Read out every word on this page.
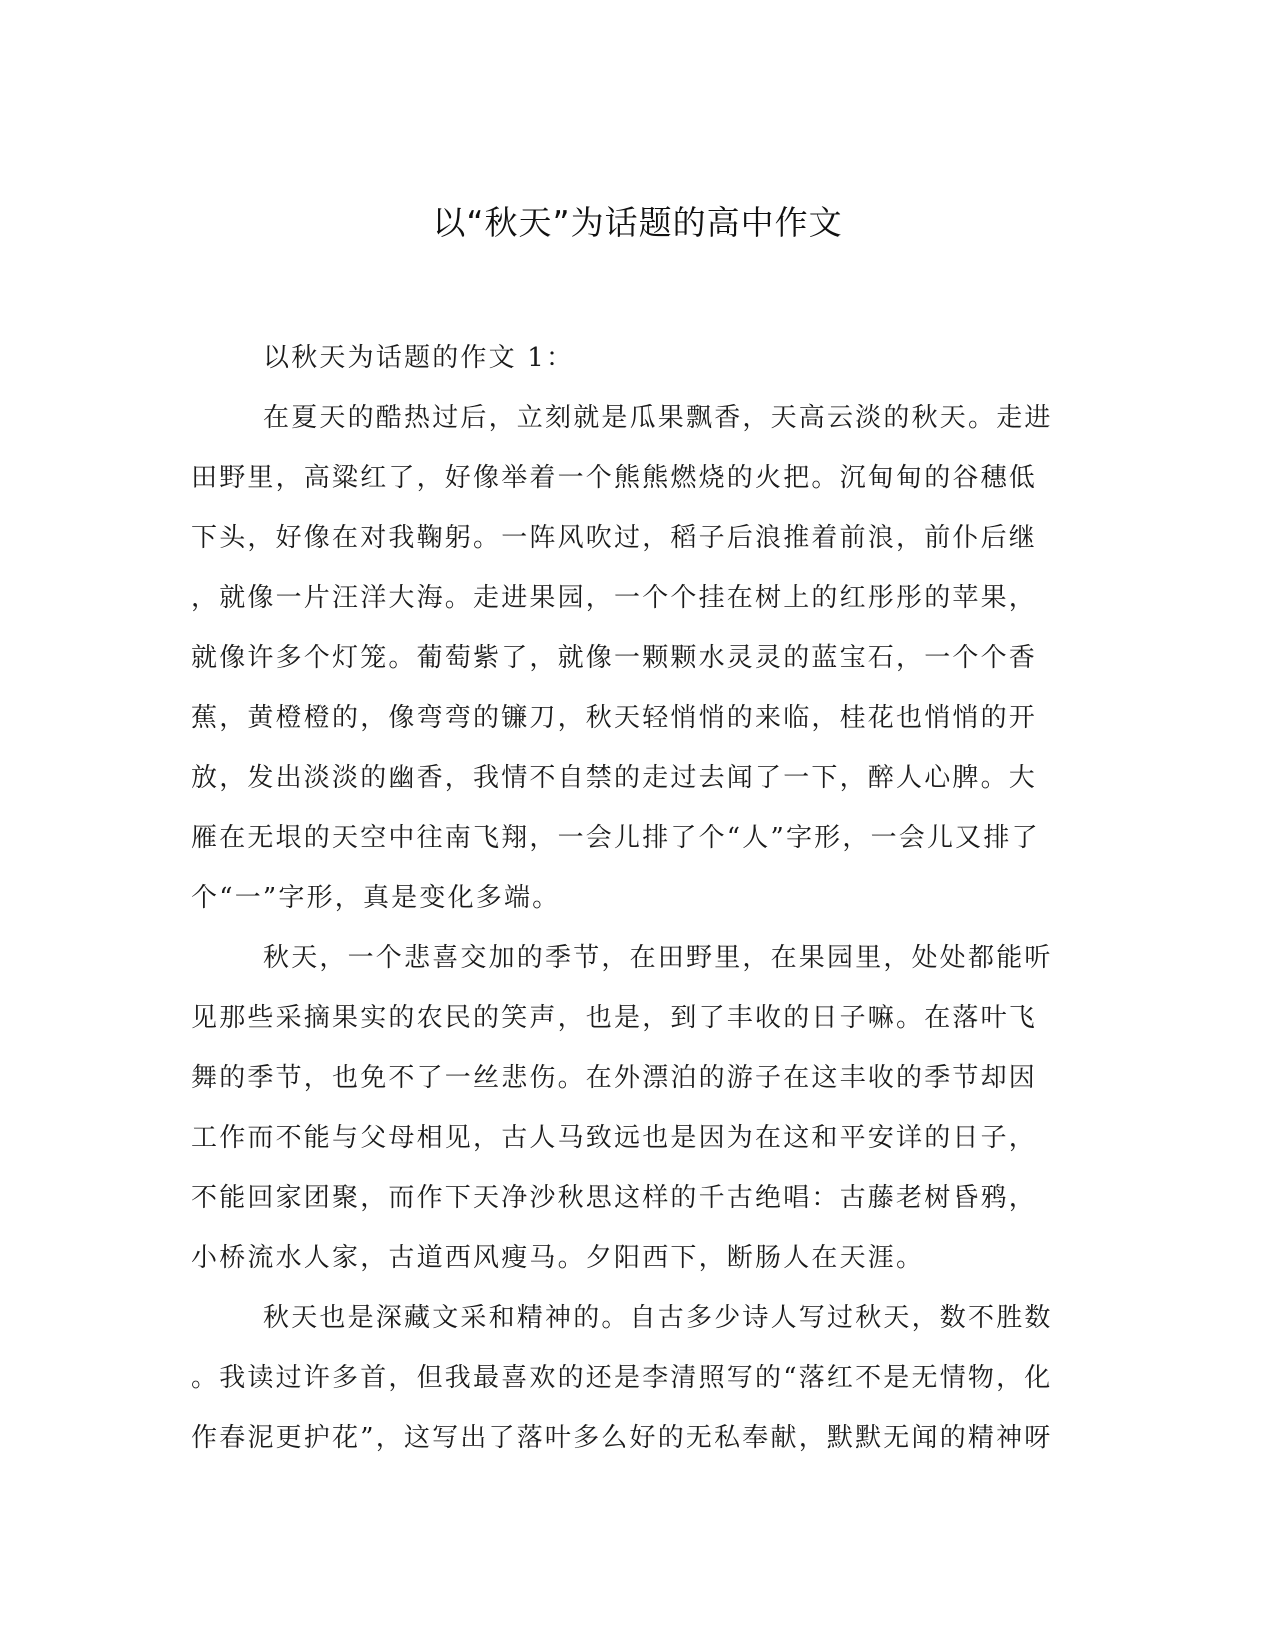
以“秋天”为话题的高中作文
以秋天为话题的作文 1：
在夏天的酷热过后，立刻就是瓜果飘香，天高云淡的秋天。走进
田野里，高粱红了，好像举着一个熊熊燃烧的火把。沉甸甸的谷穗低
下头，好像在对我鞠躬。一阵风吹过，稻子后浪推着前浪，前仆后继
，就像一片汪洋大海。走进果园，一个个挂在树上的红彤彤的苹果，
就像许多个灯笼。葡萄紫了，就像一颗颗水灵灵的蓝宝石，一个个香
蕉，黄橙橙的，像弯弯的镰刀，秋天轻悄悄的来临，桂花也悄悄的开
放，发出淡淡的幽香，我情不自禁的走过去闻了一下，醉人心脾。大
雁在无垠的天空中往南飞翔，一会儿排了个“人”字形，一会儿又排了
个“一”字形，真是变化多端。
秋天，一个悲喜交加的季节，在田野里，在果园里，处处都能听
见那些采摘果实的农民的笑声，也是，到了丰收的日子嘛。在落叶飞
舞的季节，也免不了一丝悲伤。在外漂泊的游子在这丰收的季节却因
工作而不能与父母相见，古人马致远也是因为在这和平安详的日子，
不能回家团聚，而作下天净沙秋思这样的千古绝唱：古藤老树昏鸦，
小桥流水人家，古道西风瘦马。夕阳西下，断肠人在天涯。
秋天也是深藏文采和精神的。自古多少诗人写过秋天，数不胜数
。我读过许多首，但我最喜欢的还是李清照写的“落红不是无情物，化
作春泥更护花”，这写出了落叶多么好的无私奉献，默默无闻的精神呀
